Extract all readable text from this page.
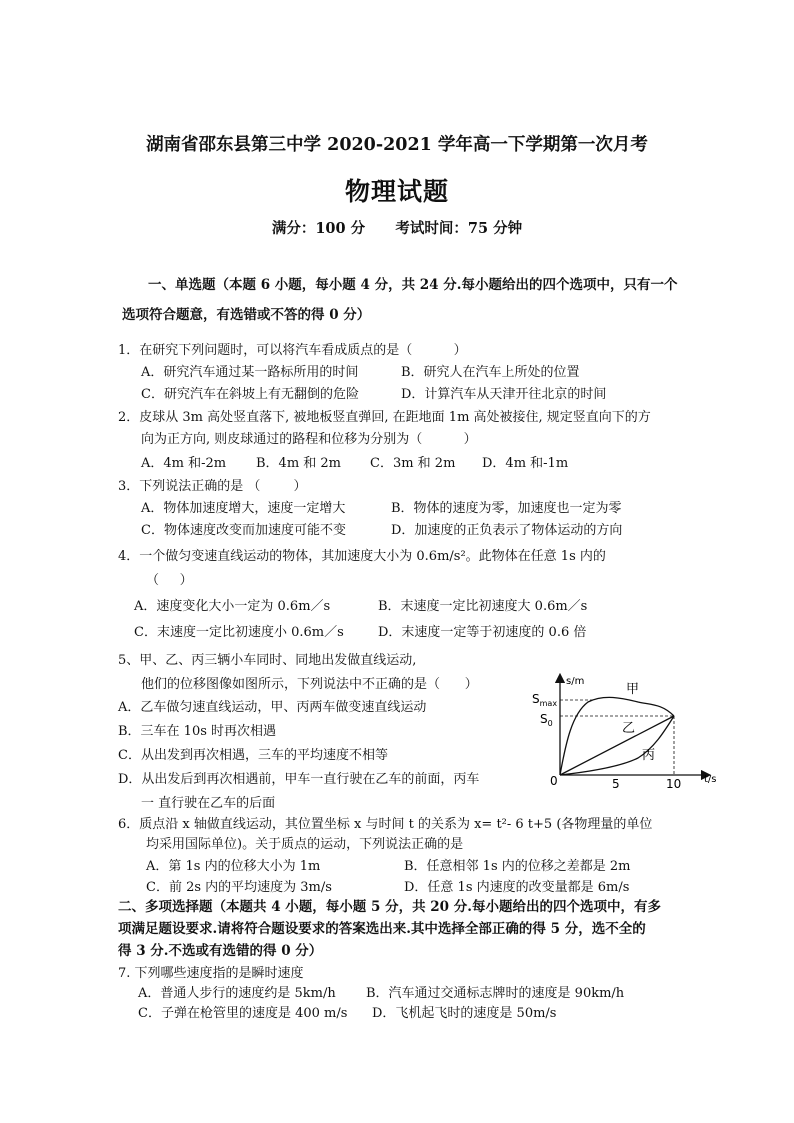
湖南省邵东县第三中学 2020-2021 学年高一下学期第一次月考
物理试题
满分：100 分      考试时间：75 分钟
一、单选题（本题 6 小题，每小题 4 分，共 24 分.每小题给出的四个选项中，只有一个
选项符合题意，有选错或不答的得 0 分）
1．在研究下列问题时，可以将汽车看成质点的是（          ）
A．研究汽车通过某一路标所用的时间	B．研究人在汽车上所处的位置
C．研究汽车在斜坡上有无翻倒的危险	D．计算汽车从天津开往北京的时间
2．皮球从 3m 高处竖直落下, 被地板竖直弹回, 在距地面 1m 高处被接住, 规定竖直向下的方
向为正方向, 则皮球通过的路程和位移为分别为（          ）
A．4m 和-2m B．4m 和 2m C．3m 和 2m D．4m 和-1m
3．下列说法正确的是 （        ）
A．物体加速度增大，速度一定增大	B．物体的速度为零，加速度也一定为零
C．物体速度改变而加速度可能不变	D．加速度的正负表示了物体运动的方向
4．一个做匀变速直线运动的物体，其加速度大小为 0.6m/s²。此物体在任意 1s 内的
（     ）
A．速度变化大小一定为 0.6m／s	B．末速度一定比初速度大 0.6m／s
C．末速度一定比初速度小 0.6m／s	D．末速度一定等于初速度的 0.6 倍
5、甲、乙、丙三辆小车同时、同地出发做直线运动,
他们的位移图像如图所示，下列说法中不正确的是（      ）
A．乙车做匀速直线运动，甲、丙两车做变速直线运动
B．三车在 10s 时再次相遇
C．从出发到再次相遇，三车的平均速度不相等
D．从出发后到再次相遇前，甲车一直行驶在乙车的前面，丙车
一 直行驶在乙车的后面
s/m
t/s
$S_{max}$
$S_0$
0	5	10
甲
乙
丙
6．质点沿 x 轴做直线运动，其位置坐标 x 与时间 t 的关系为 x= t²- 6 t+5 (各物理量的单位
均采用国际单位)。关于质点的运动，下列说法正确的是
A．第 1s 内的位移大小为 1m	B．任意相邻 1s 内的位移之差都是 2m
C．前 2s 内的平均速度为 3m/s	D．任意 1s 内速度的改变量都是 6m/s
二、多项选择题（本题共 4 小题，每小题 5 分，共 20 分.每小题给出的四个选项中，有多
项满足题设要求.请将符合题设要求的答案选出来.其中选择全部正确的得 5 分，选不全的
得 3 分.不选或有选错的得 0 分）
7. 下列哪些速度指的是瞬时速度
A．普通人步行的速度约是 5km/h B．汽车通过交通标志牌时的速度是 90km/h
C．子弹在枪管里的速度是 400 m/s D．飞机起飞时的速度是 50m/s
